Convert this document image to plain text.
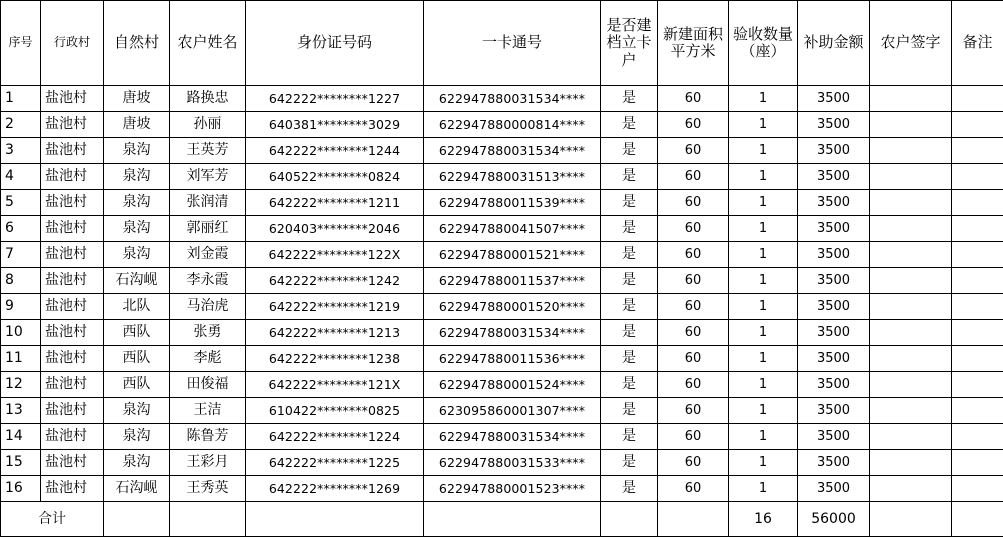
序号	行政村	自然村	农户姓名	身份证号码	一卡通号	是否建档立卡户	新建面积平方米	验收数量（座）	补助金额	农户签字	备注
1	盐池村	唐坡	路换忠	642222********1227	622947880031534****	是	60	1	3500		
2	盐池村	唐坡	孙丽	640381********3029	622947880000814****	是	60	1	3500		
3	盐池村	泉沟	王英芳	642222********1244	622947880031534****	是	60	1	3500		
4	盐池村	泉沟	刘军芳	640522********0824	622947880031513****	是	60	1	3500		
5	盐池村	泉沟	张润清	642222********1211	622947880011539****	是	60	1	3500		
6	盐池村	泉沟	郭丽红	620403********2046	622947880041507****	是	60	1	3500		
7	盐池村	泉沟	刘金霞	642222********122X	622947880001521****	是	60	1	3500		
8	盐池村	石沟岘	李永霞	642222********1242	622947880011537****	是	60	1	3500		
9	盐池村	北队	马治虎	642222********1219	622947880001520****	是	60	1	3500		
10	盐池村	西队	张勇	642222********1213	622947880031534****	是	60	1	3500		
11	盐池村	西队	李彪	642222********1238	622947880011536****	是	60	1	3500		
12	盐池村	西队	田俊福	642222********121X	622947880001524****	是	60	1	3500		
13	盐池村	泉沟	王洁	610422********0825	623095860001307****	是	60	1	3500		
14	盐池村	泉沟	陈鲁芳	642222********1224	622947880031534****	是	60	1	3500		
15	盐池村	泉沟	王彩月	642222********1225	622947880031533****	是	60	1	3500		
16	盐池村	石沟岘	王秀英	642222********1269	622947880001523****	是	60	1	3500		
合计								16	56000		
